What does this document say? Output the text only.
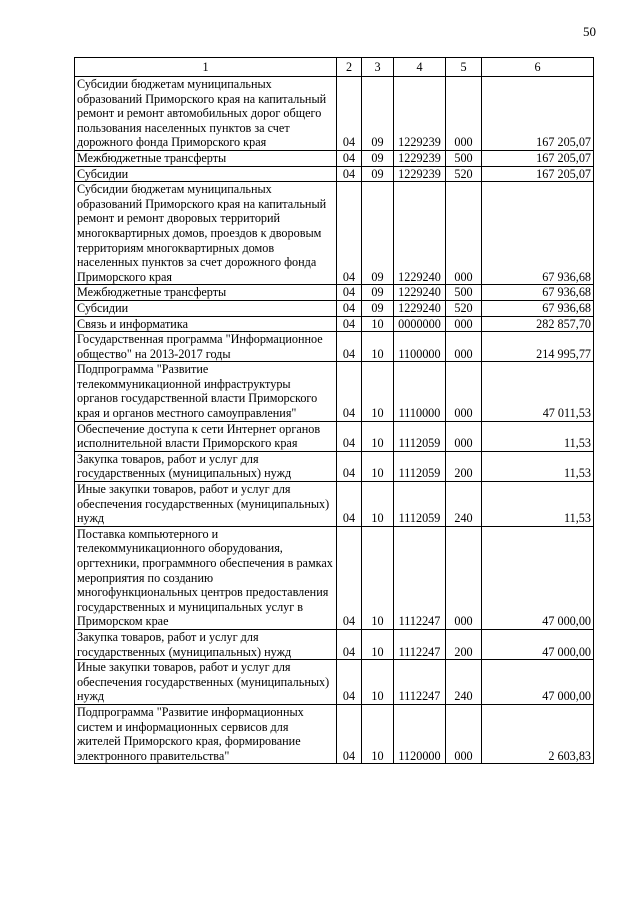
50
1	2	3	4	5	6
Субсидии бюджетам муниципальных образований Приморского края на капитальный ремонт и ремонт автомобильных дорог общего пользования населенных пунктов за счет дорожного фонда Приморского края	04	09	1229239	000	167 205,07
Межбюджетные трансферты	04	09	1229239	500	167 205,07
Субсидии	04	09	1229239	520	167 205,07
Субсидии бюджетам муниципальных образований Приморского края на капитальный ремонт и ремонт дворовых территорий многоквартирных домов, проездов к дворовым территориям многоквартирных домов населенных пунктов за счет дорожного фонда Приморского края	04	09	1229240	000	67 936,68
Межбюджетные трансферты	04	09	1229240	500	67 936,68
Субсидии	04	09	1229240	520	67 936,68
Связь и информатика	04	10	0000000	000	282 857,70
Государственная программа "Информационное общество" на 2013-2017 годы	04	10	1100000	000	214 995,77
Подпрограмма "Развитие телекоммуникационной инфраструктуры органов государственной власти Приморского края и органов местного самоуправления"	04	10	1110000	000	47 011,53
Обеспечение доступа к сети Интернет органов исполнительной власти Приморского края	04	10	1112059	000	11,53
Закупка товаров, работ и услуг для государственных (муниципальных) нужд	04	10	1112059	200	11,53
Иные закупки товаров, работ и услуг для обеспечения государственных (муниципальных) нужд	04	10	1112059	240	11,53
Поставка компьютерного и телекоммуникационного оборудования, оргтехники, программного обеспечения в рамках мероприятия по созданию многофункциональных центров предоставления государственных и муниципальных услуг в Приморском крае	04	10	1112247	000	47 000,00
Закупка товаров, работ и услуг для государственных (муниципальных) нужд	04	10	1112247	200	47 000,00
Иные закупки товаров, работ и услуг для обеспечения государственных (муниципальных) нужд	04	10	1112247	240	47 000,00
Подпрограмма "Развитие информационных систем и информационных сервисов для жителей Приморского края, формирование электронного правительства"	04	10	1120000	000	2 603,83
